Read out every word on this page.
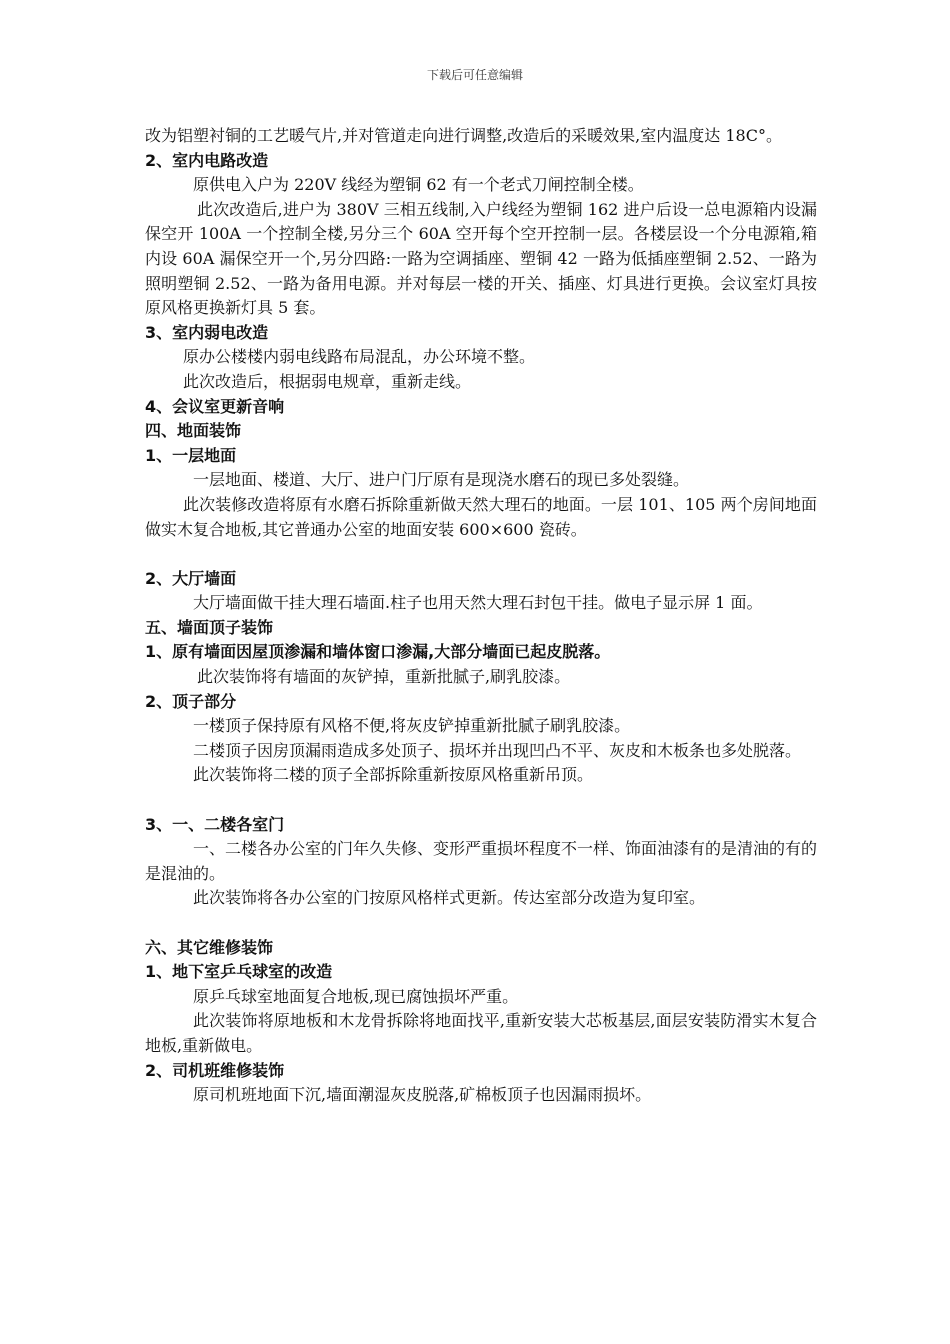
下载后可任意编辑

改为铝塑衬铜的工艺暖气片,并对管道走向进行调整,改造后的采暖效果,室内温度达 18C°。

2、室内电路改造

原供电入户为 220V 线经为塑铜 62 有一个老式刀闸控制全楼。

此次改造后,进户为 380V 三相五线制,入户线经为塑铜 162 进户后设一总电源箱内设漏保空开 100A 一个控制全楼,另分三个 60A 空开每个空开控制一层。各楼层设一个分电源箱,箱内设 60A 漏保空开一个,另分四路:一路为空调插座、塑铜 42 一路为低插座塑铜 2.52、一路为照明塑铜 2.52、一路为备用电源。并对每层一楼的开关、插座、灯具进行更换。会议室灯具按原风格更换新灯具 5 套。

3、室内弱电改造

原办公楼楼内弱电线路布局混乱，办公环境不整。

此次改造后，根据弱电规章，重新走线。

4、会议室更新音响

四、地面装饰

1、一层地面

一层地面、楼道、大厅、进户门厅原有是现浇水磨石的现已多处裂缝。

此次装修改造将原有水磨石拆除重新做天然大理石的地面。一层 101、105 两个房间地面做实木复合地板,其它普通办公室的地面安装 600×600 瓷砖。

2、大厅墙面

大厅墙面做干挂大理石墙面.柱子也用天然大理石封包干挂。做电子显示屏 1 面。

五、墙面顶子装饰

1、原有墙面因屋顶渗漏和墙体窗口渗漏,大部分墙面已起皮脱落。

此次装饰将有墙面的灰铲掉，重新批腻子,刷乳胶漆。

2、顶子部分

一楼顶子保持原有风格不便,将灰皮铲掉重新批腻子刷乳胶漆。

二楼顶子因房顶漏雨造成多处顶子、损坏并出现凹凸不平、灰皮和木板条也多处脱落。

此次装饰将二楼的顶子全部拆除重新按原风格重新吊顶。

3、一、二楼各室门

一、二楼各办公室的门年久失修、变形严重损坏程度不一样、饰面油漆有的是清油的有的是混油的。

此次装饰将各办公室的门按原风格样式更新。传达室部分改造为复印室。

六、其它维修装饰

1、地下室乒乓球室的改造

原乒乓球室地面复合地板,现已腐蚀损坏严重。

此次装饰将原地板和木龙骨拆除将地面找平,重新安装大芯板基层,面层安装防滑实木复合地板,重新做电。

2、司机班维修装饰

原司机班地面下沉,墙面潮湿灰皮脱落,矿棉板顶子也因漏雨损坏。
